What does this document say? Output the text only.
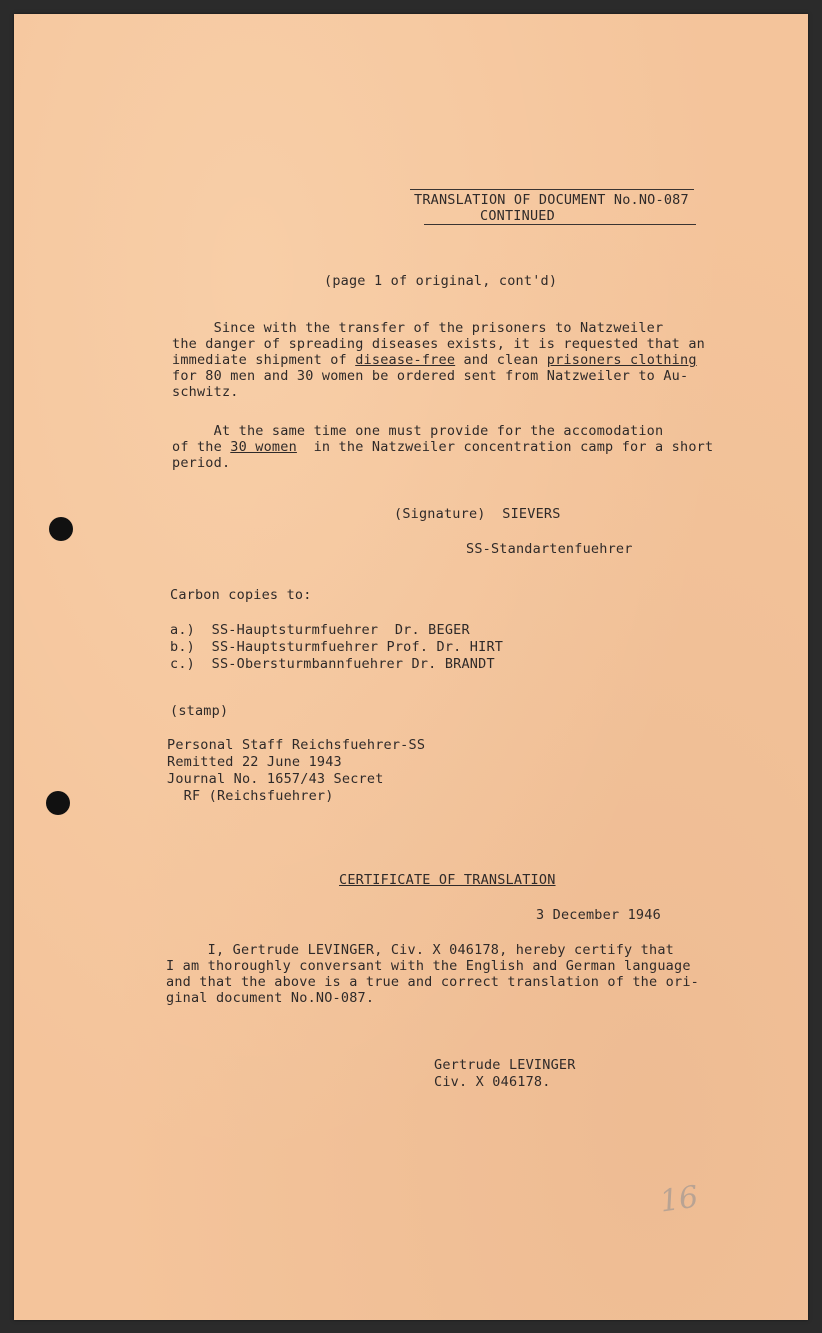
TRANSLATION OF DOCUMENT No.NO-087
CONTINUED
(page 1 of original, cont'd)
Since with the transfer of the prisoners to Natzweiler
the danger of spreading diseases exists, it is requested that an
immediate shipment of disease-free and clean prisoners clothing
for 80 men and 30 women be ordered sent from Natzweiler to Au-
schwitz.
At the same time one must provide for the accomodation
of the 30 women  in the Natzweiler concentration camp for a short
period.
(Signature)  SIEVERS
SS-Standartenfuehrer
Carbon copies to:
a.)  SS-Hauptsturmfuehrer  Dr. BEGER
b.)  SS-Hauptsturmfuehrer Prof. Dr. HIRT
c.)  SS-Obersturmbannfuehrer Dr. BRANDT
(stamp)
Personal Staff Reichsfuehrer-SS
Remitted 22 June 1943
Journal No. 1657/43 Secret
RF (Reichsfuehrer)
CERTIFICATE OF TRANSLATION
3 December 1946
I, Gertrude LEVINGER, Civ. X 046178, hereby certify that
I am thoroughly conversant with the English and German language
and that the above is a true and correct translation of the ori-
ginal document No.NO-087.
Gertrude LEVINGER
Civ. X 046178.
16
